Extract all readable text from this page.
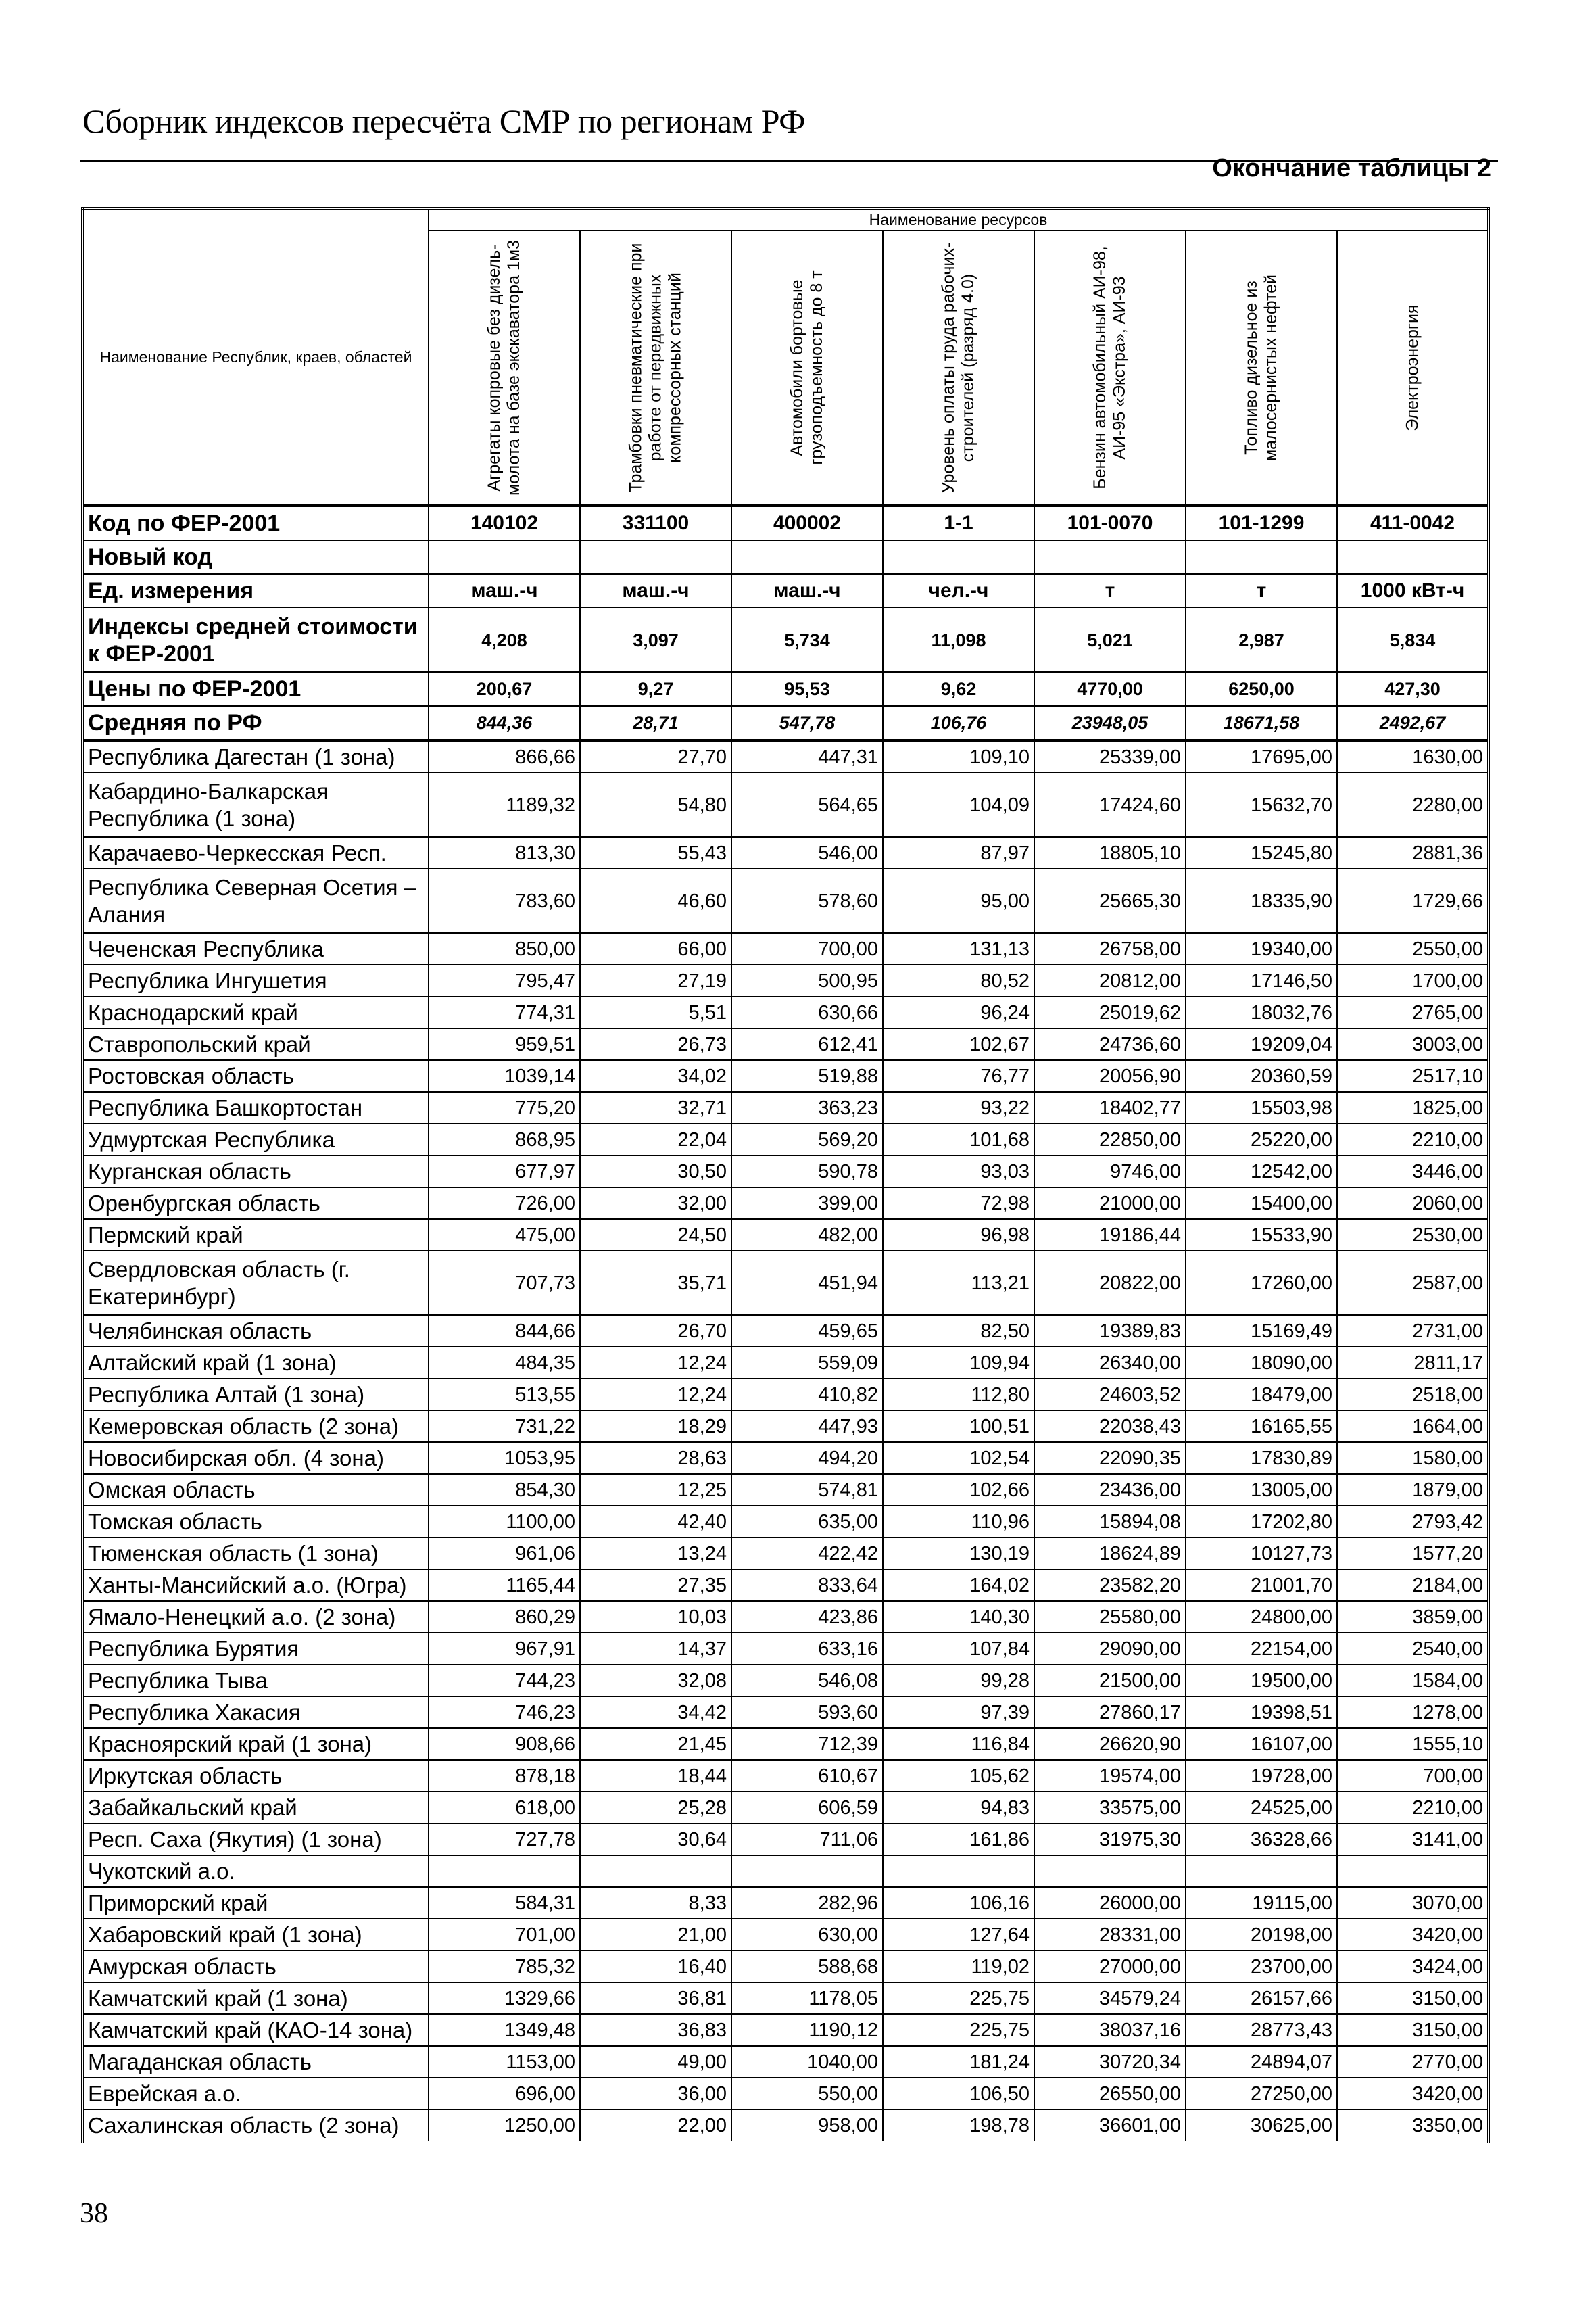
Сборник индексов пересчёта СМР по регионам РФ
Окончание таблицы 2
Наименование Республик, краев, областей	Наименование ресурсов						

	Агрегаты копровые без дизель-молота на базе экскаватора 1м3	Трамбовки пневматические при работе от передвижных компрессорных станций	Автомобили бортовые грузоподъемность до 8 т	Уровень оплаты труда рабочих-строителей (разряд 4.0)	Бензин автомобильный АИ-98, АИ-95 «Экстра», АИ-93	Топливо дизельное из малосернистых нефтей	Электроэнергия

Код по ФЕР-2001	140102	331100	400002	1-1	101-0070	101-1299	411-0042
Новый код							
Ед. измерения	маш.-ч	маш.-ч	маш.-ч	чел.-ч	т	т	1000 кВт-ч
Индексы средней стоимости к ФЕР-2001	4,208	3,097	5,734	11,098	5,021	2,987	5,834
Цены по ФЕР-2001	200,67	9,27	95,53	9,62	4770,00	6250,00	427,30
Средняя по РФ	844,36	28,71	547,78	106,76	23948,05	18671,58	2492,67
Республика Дагестан (1 зона)	866,66	27,70	447,31	109,10	25339,00	17695,00	1630,00
Кабардино-Балкарская Республика (1 зона)	1189,32	54,80	564,65	104,09	17424,60	15632,70	2280,00
Карачаево-Черкесская Респ.	813,30	55,43	546,00	87,97	18805,10	15245,80	2881,36
Республика Северная Осетия – Алания	783,60	46,60	578,60	95,00	25665,30	18335,90	1729,66
Чеченская Республика	850,00	66,00	700,00	131,13	26758,00	19340,00	2550,00
Республика Ингушетия	795,47	27,19	500,95	80,52	20812,00	17146,50	1700,00
Краснодарский край	774,31	5,51	630,66	96,24	25019,62	18032,76	2765,00
Ставропольский край	959,51	26,73	612,41	102,67	24736,60	19209,04	3003,00
Ростовская область	1039,14	34,02	519,88	76,77	20056,90	20360,59	2517,10
Республика Башкортостан	775,20	32,71	363,23	93,22	18402,77	15503,98	1825,00
Удмуртская Республика	868,95	22,04	569,20	101,68	22850,00	25220,00	2210,00
Курганская область	677,97	30,50	590,78	93,03	9746,00	12542,00	3446,00
Оренбургская область	726,00	32,00	399,00	72,98	21000,00	15400,00	2060,00
Пермский край	475,00	24,50	482,00	96,98	19186,44	15533,90	2530,00
Свердловская область (г. Екатеринбург)	707,73	35,71	451,94	113,21	20822,00	17260,00	2587,00
Челябинская область	844,66	26,70	459,65	82,50	19389,83	15169,49	2731,00
Алтайский край (1 зона)	484,35	12,24	559,09	109,94	26340,00	18090,00	2811,17
Республика Алтай (1 зона)	513,55	12,24	410,82	112,80	24603,52	18479,00	2518,00
Кемеровская область (2 зона)	731,22	18,29	447,93	100,51	22038,43	16165,55	1664,00
Новосибирская обл. (4 зона)	1053,95	28,63	494,20	102,54	22090,35	17830,89	1580,00
Омская область	854,30	12,25	574,81	102,66	23436,00	13005,00	1879,00
Томская область	1100,00	42,40	635,00	110,96	15894,08	17202,80	2793,42
Тюменская область (1 зона)	961,06	13,24	422,42	130,19	18624,89	10127,73	1577,20
Ханты-Мансийский а.о. (Югра)	1165,44	27,35	833,64	164,02	23582,20	21001,70	2184,00
Ямало-Ненецкий а.о. (2 зона)	860,29	10,03	423,86	140,30	25580,00	24800,00	3859,00
Республика Бурятия	967,91	14,37	633,16	107,84	29090,00	22154,00	2540,00
Республика Тыва	744,23	32,08	546,08	99,28	21500,00	19500,00	1584,00
Республика Хакасия	746,23	34,42	593,60	97,39	27860,17	19398,51	1278,00
Красноярский край (1 зона)	908,66	21,45	712,39	116,84	26620,90	16107,00	1555,10
Иркутская область	878,18	18,44	610,67	105,62	19574,00	19728,00	700,00
Забайкальский край	618,00	25,28	606,59	94,83	33575,00	24525,00	2210,00
Респ. Саха (Якутия) (1 зона)	727,78	30,64	711,06	161,86	31975,30	36328,66	3141,00
Чукотский а.о.							
Приморский край	584,31	8,33	282,96	106,16	26000,00	19115,00	3070,00
Хабаровский край (1 зона)	701,00	21,00	630,00	127,64	28331,00	20198,00	3420,00
Амурская область	785,32	16,40	588,68	119,02	27000,00	23700,00	3424,00
Камчатский край (1 зона)	1329,66	36,81	1178,05	225,75	34579,24	26157,66	3150,00
Камчатский край (КАО-14 зона)	1349,48	36,83	1190,12	225,75	38037,16	28773,43	3150,00
Магаданская область	1153,00	49,00	1040,00	181,24	30720,34	24894,07	2770,00
Еврейская а.о.	696,00	36,00	550,00	106,50	26550,00	27250,00	3420,00
Сахалинская область (2 зона)	1250,00	22,00	958,00	198,78	36601,00	30625,00	3350,00
38
